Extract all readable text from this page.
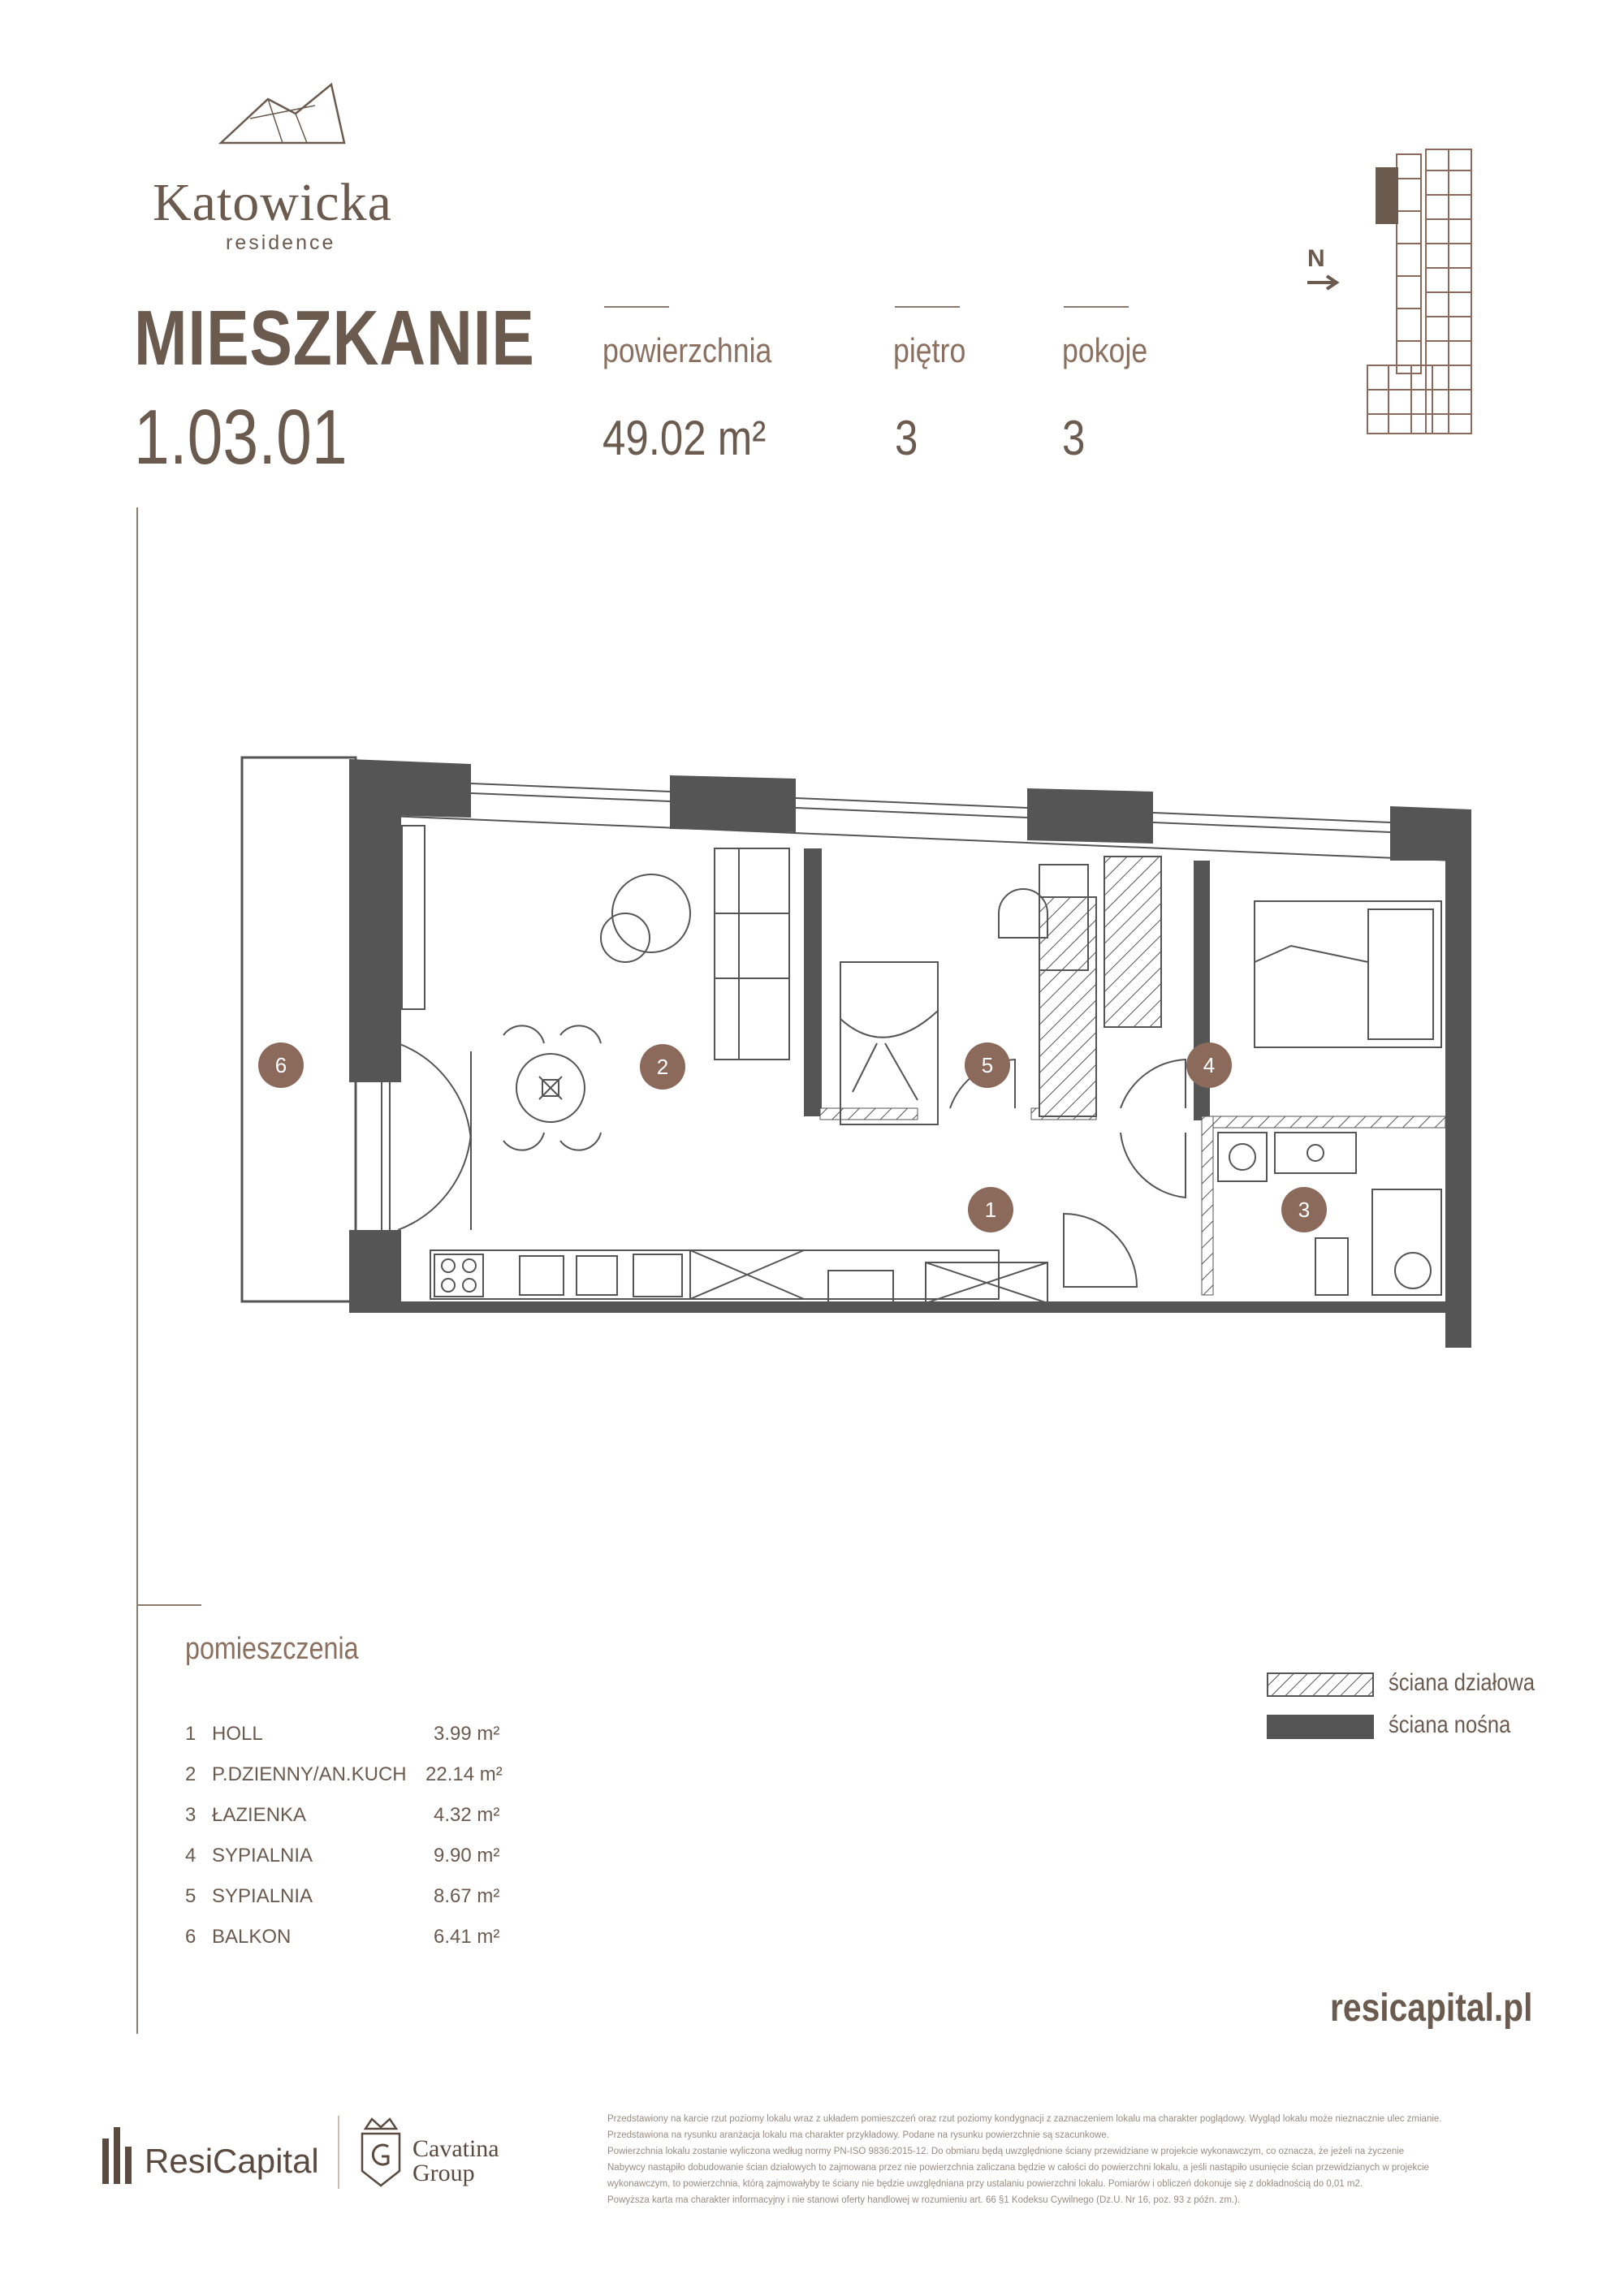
Katowicka
residence
MIESZKANIE
1.03.01
powierzchnia
49.02 m²
piętro
3
pokoje
3
N
6	2	5	4
1	3
pomieszczenia
1 HOLL	3.99 m²
2 P.DZIENNY/AN.KUCH 22.14 m²
3 ŁAZIENKA	4.32 m²
4 SYPIALNIA	9.90 m²
5 SYPIALNIA	8.67 m²
6 BALKON	6.41 m²
ściana działowa
ściana nośna
resicapital.pl
ResiCapital	Cavatina
Group
Przedstawiony na karcie rzut poziomy lokalu wraz z układem pomieszczeń oraz rzut poziomy kondygnacji z zaznaczeniem lokalu ma charakter poglądowy. Wygląd lokalu może nieznacznie ulec zmianie.
Przedstawiona na rysunku aranżacja lokalu ma charakter przykładowy. Podane na rysunku powierzchnie są szacunkowe.
Powierzchnia lokalu zostanie wyliczona według normy PN-ISO 9836:2015-12. Do obmiaru będą uwzględnione ściany przewidziane w projekcie wykonawczym, co oznacza, że jeżeli na życzenie
Nabywcy nastąpiło dobudowanie ścian działowych to zajmowana przez nie powierzchnia zaliczana będzie w całości do powierzchni lokalu, a jeśli nastąpiło usunięcie ścian przewidzianych w projekcie
wykonawczym, to powierzchnia, którą zajmowałyby te ściany nie będzie uwzględniana przy ustalaniu powierzchni lokalu. Pomiarów i obliczeń dokonuje się z dokładnością do 0,01 m2.
Powyższa karta ma charakter informacyjny i nie stanowi oferty handlowej w rozumieniu art. 66 §1 Kodeksu Cywilnego (Dz.U. Nr 16, poz. 93 z późn. zm.).
